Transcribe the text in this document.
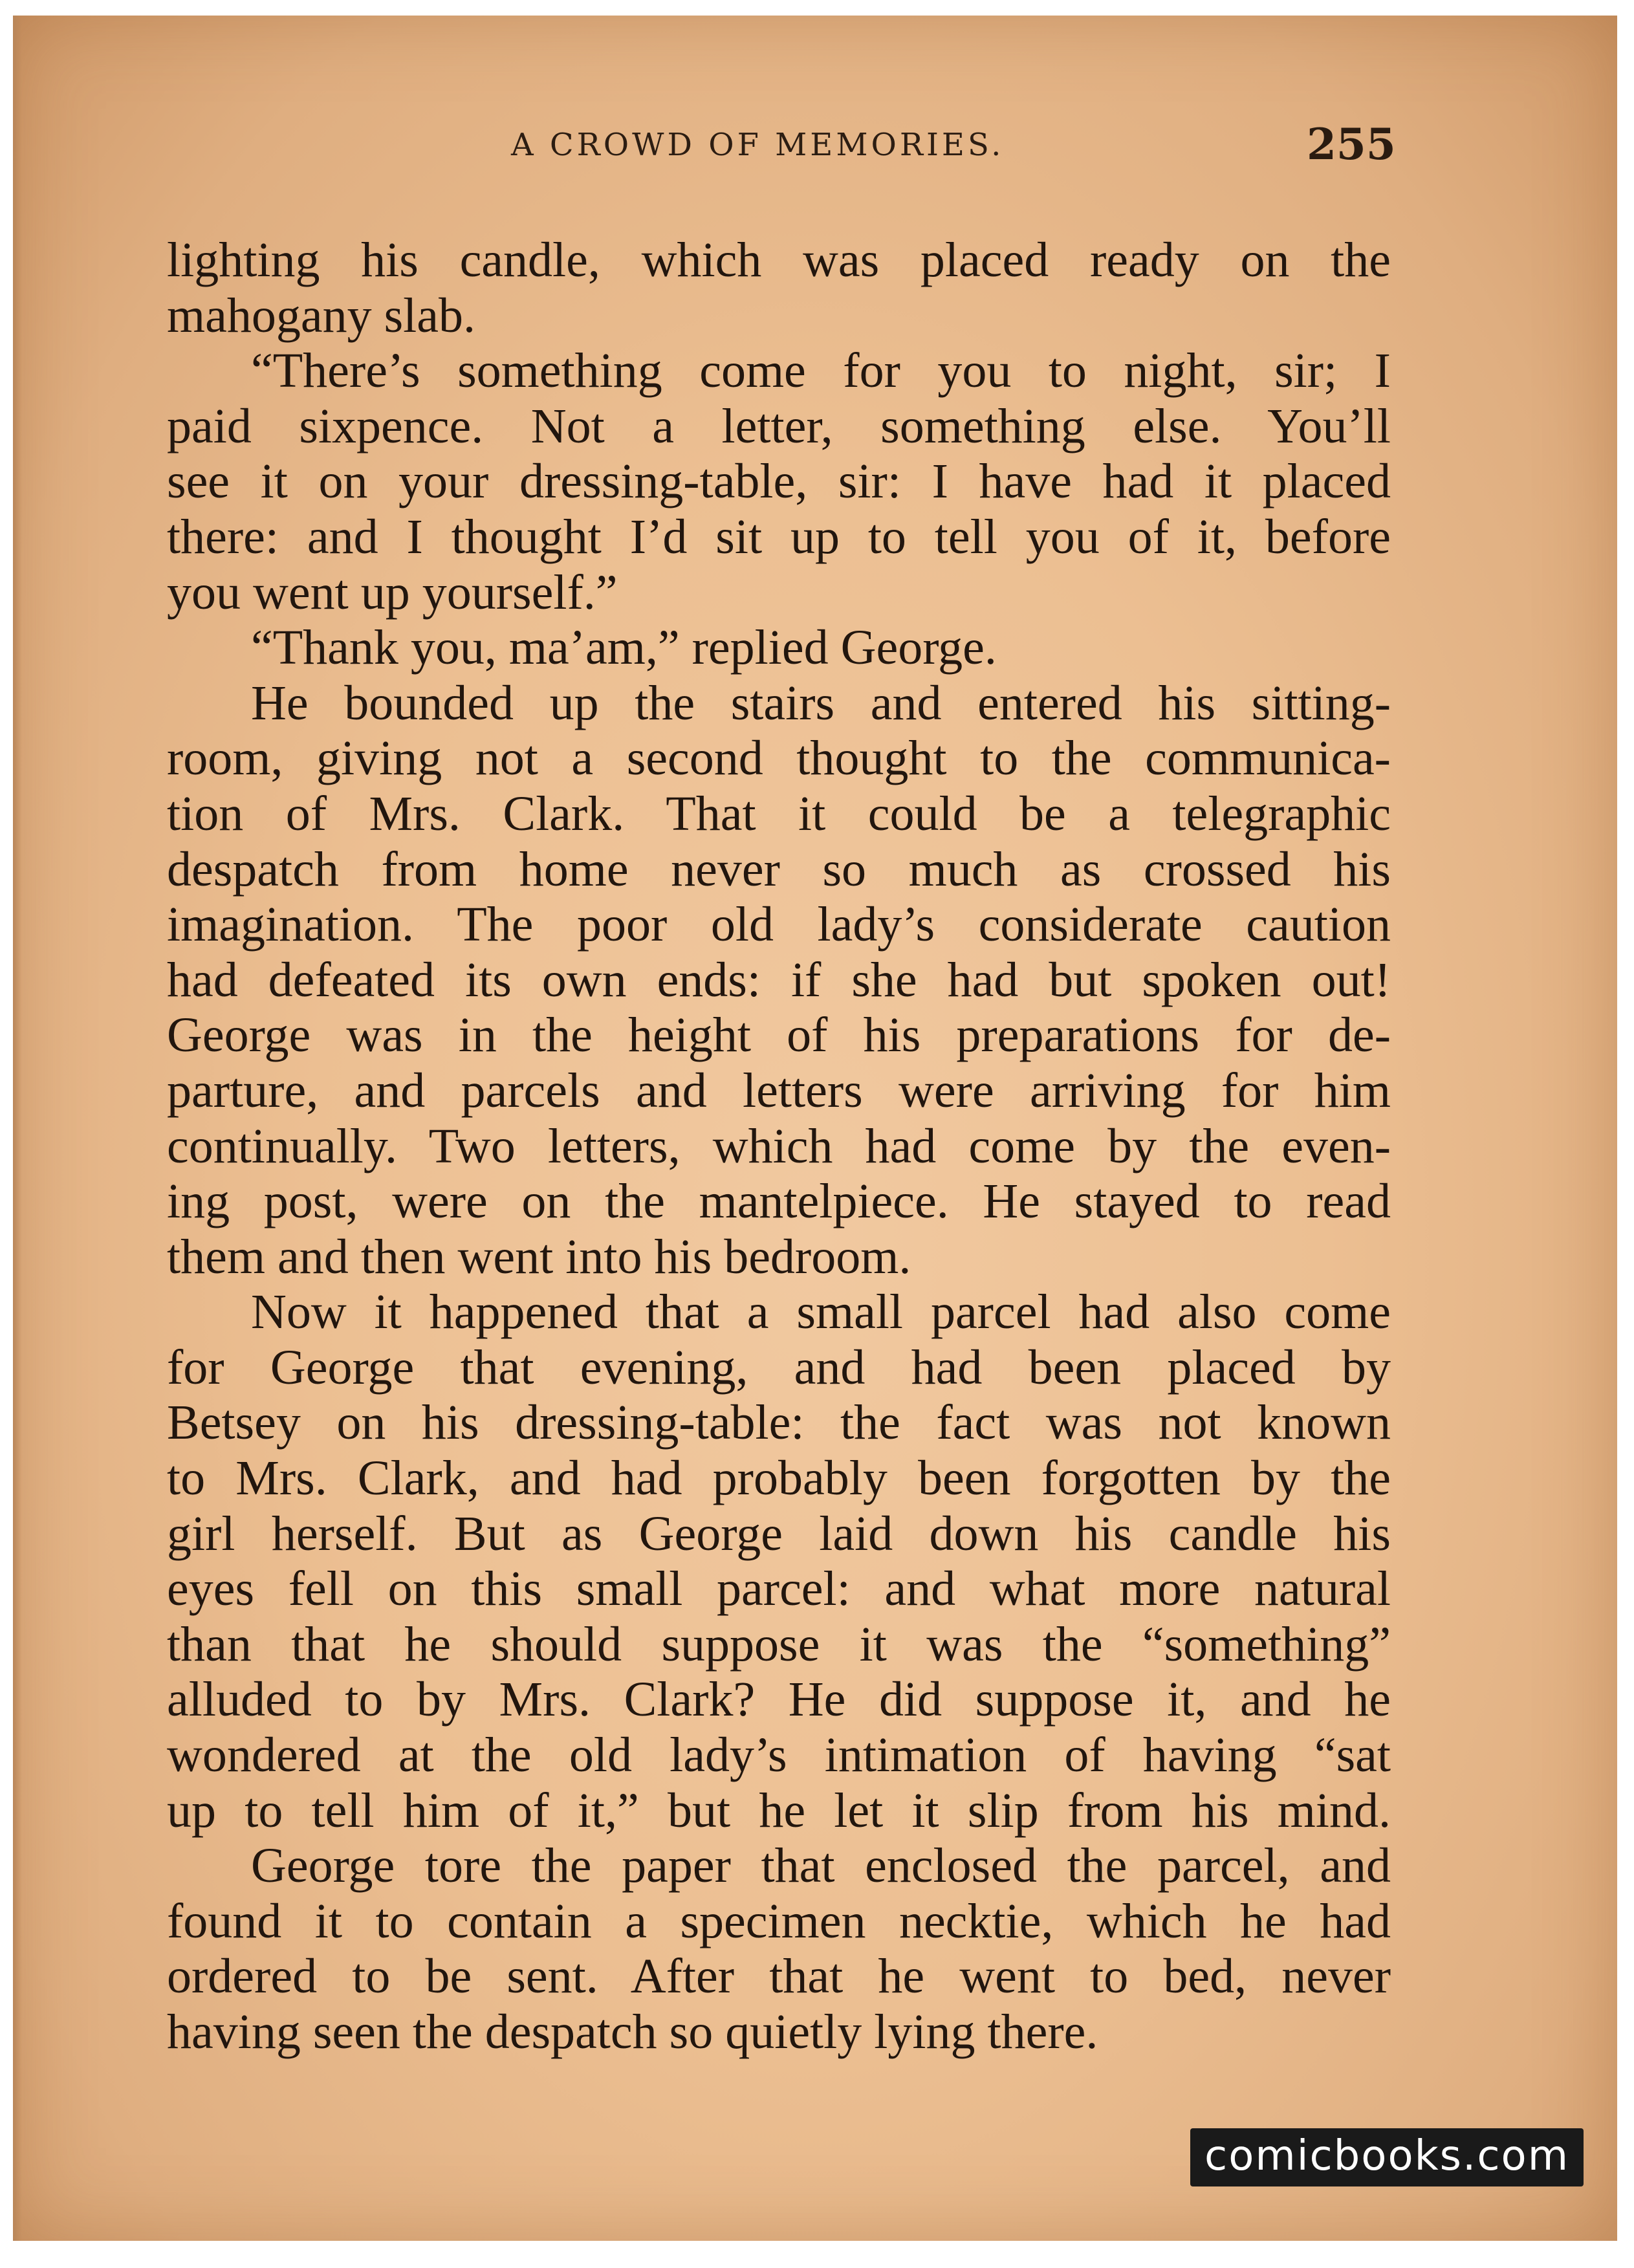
A CROWD OF MEMORIES.	255
lighting his candle, which was placed ready on the
mahogany slab.
“There’s something come for you to night, sir; I
paid sixpence. Not a letter, something else. You’ll
see it on your dressing-table, sir: I have had it placed
there: and I thought I’d sit up to tell you of it, before
you went up yourself.”
“Thank you, ma’am,” replied George.
He bounded up the stairs and entered his sitting-
room, giving not a second thought to the communica-
tion of Mrs. Clark. That it could be a telegraphic
despatch from home never so much as crossed his
imagination. The poor old lady’s considerate caution
had defeated its own ends: if she had but spoken out!
George was in the height of his preparations for de-
parture, and parcels and letters were arriving for him
continually. Two letters, which had come by the even-
ing post, were on the mantelpiece. He stayed to read
them and then went into his bedroom.
Now it happened that a small parcel had also come
for George that evening, and had been placed by
Betsey on his dressing-table: the fact was not known
to Mrs. Clark, and had probably been forgotten by the
girl herself. But as George laid down his candle his
eyes fell on this small parcel: and what more natural
than that he should suppose it was the “something”
alluded to by Mrs. Clark? He did suppose it, and he
wondered at the old lady’s intimation of having “sat
up to tell him of it,” but he let it slip from his mind.
George tore the paper that enclosed the parcel, and
found it to contain a specimen necktie, which he had
ordered to be sent. After that he went to bed, never
having seen the despatch so quietly lying there.
comicbooks.com
